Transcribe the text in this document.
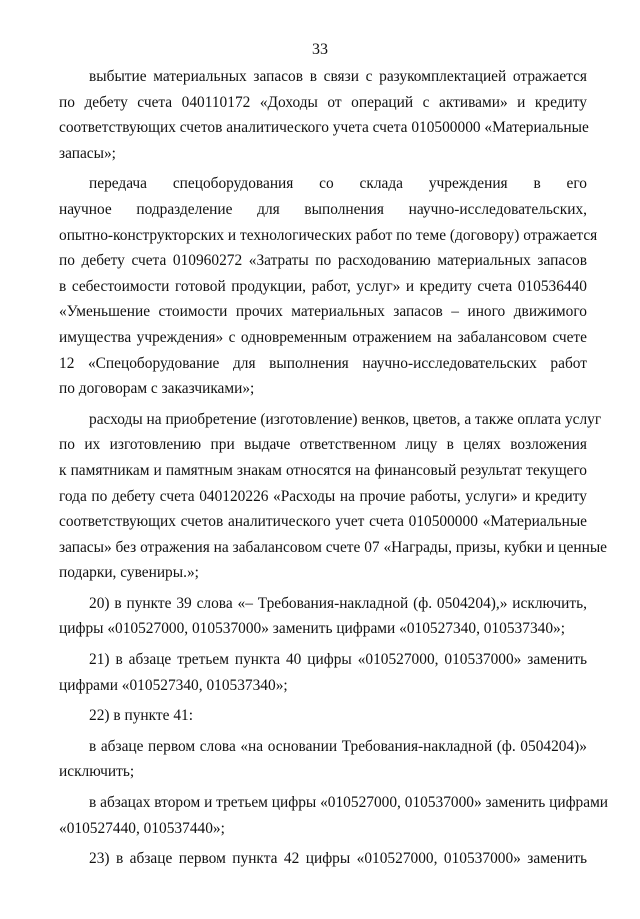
33

выбытие материальных запасов в связи с разукомплектацией отражается
по дебету счета 040110172 «Доходы от операций с активами» и кредиту
соответствующих счетов аналитического учета счета 010500000 «Материальные
запасы»;

передача спецоборудования со склада учреждения в его
научное подразделение для выполнения научно-исследовательских,
опытно-конструкторских и технологических работ по теме (договору) отражается
по дебету счета 010960272 «Затраты по расходованию материальных запасов
в себестоимости готовой продукции, работ, услуг» и кредиту счета 010536440
«Уменьшение стоимости прочих материальных запасов – иного движимого
имущества учреждения» с одновременным отражением на забалансовом счете
12 «Спецоборудование для выполнения научно-исследовательских работ
по договорам с заказчиками»;

расходы на приобретение (изготовление) венков, цветов, а также оплата услуг
по их изготовлению при выдаче ответственном лицу в целях возложения
к памятникам и памятным знакам относятся на финансовый результат текущего
года по дебету счета 040120226 «Расходы на прочие работы, услуги» и кредиту
соответствующих счетов аналитического учет счета 010500000 «Материальные
запасы» без отражения на забалансовом счете 07 «Награды, призы, кубки и ценные
подарки, сувениры.»;

20) в пункте 39 слова «– Требования-накладной (ф. 0504204),» исключить,
цифры «010527000, 010537000» заменить цифрами «010527340, 010537340»;

21) в абзаце третьем пункта 40 цифры «010527000, 010537000» заменить
цифрами «010527340, 010537340»;

22) в пункте 41:

в абзаце первом слова «на основании Требования-накладной (ф. 0504204)»
исключить;

в абзацах втором и третьем цифры «010527000, 010537000» заменить цифрами
«010527440, 010537440»;

23) в абзаце первом пункта 42 цифры «010527000, 010537000» заменить
